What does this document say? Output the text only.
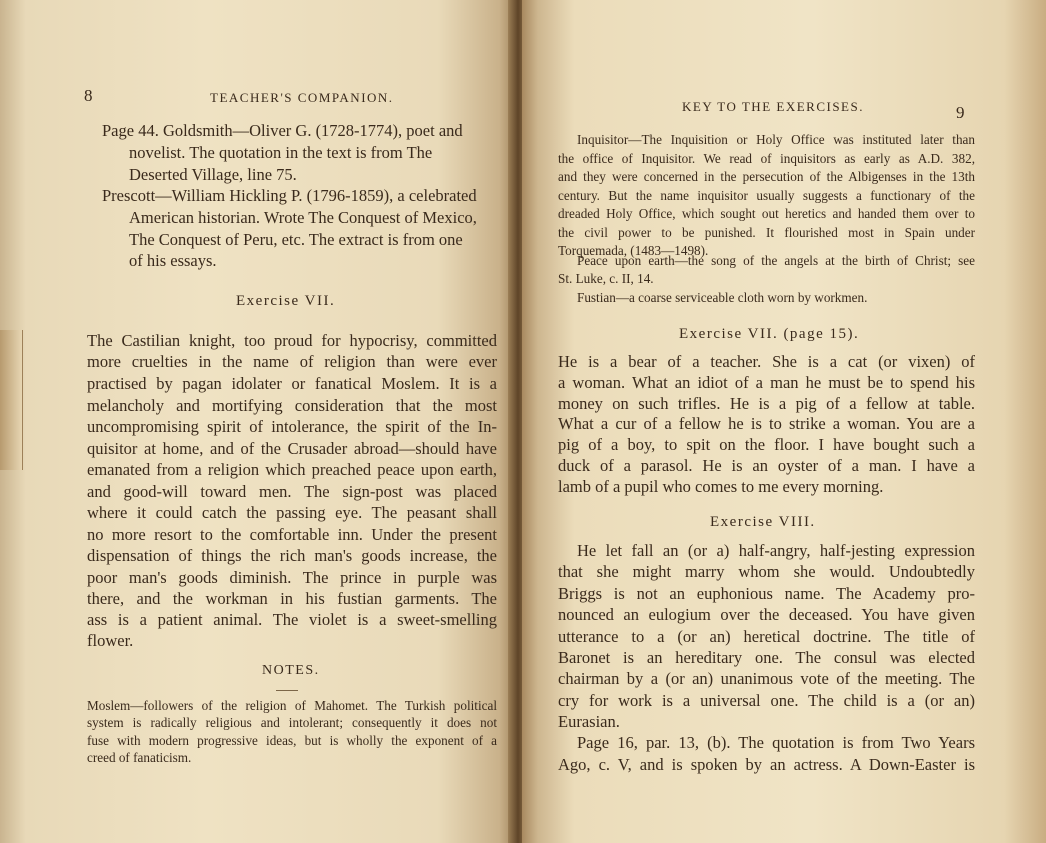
8	TEACHER'S COMPANION.

Page 44. Goldsmith—Oliver G. (1728-1774), poet and

novelist. The quotation in the text is from The

Deserted Village, line 75.

Prescott—William Hickling P. (1796-1859), a celebrated

American historian. Wrote The Conquest of Mexico,

The Conquest of Peru, etc. The extract is from one

of his essays.

Exercise VII.

The Castilian knight, too proud for hypocrisy, committed

more cruelties in the name of religion than were ever

practised by pagan idolater or fanatical Moslem. It is a

melancholy and mortifying consideration that the most

uncompromising spirit of intolerance, the spirit of the In-

quisitor at home, and of the Crusader abroad—should have

emanated from a religion which preached peace upon earth,

and good-will toward men. The sign-post was placed

where it could catch the passing eye. The peasant shall

no more resort to the comfortable inn. Under the present

dispensation of things the rich man's goods increase, the

poor man's goods diminish. The prince in purple was

there, and the workman in his fustian garments. The

ass is a patient animal. The violet is a sweet-smelling

flower.

NOTES.

Moslem—followers of the religion of Mahomet. The Turkish political

system is radically religious and intolerant; consequently it does not

fuse with modern progressive ideas, but is wholly the exponent of a

creed of fanaticism.

KEY TO THE EXERCISES.	9

Inquisitor—The Inquisition or Holy Office was instituted later than

the office of Inquisitor. We read of inquisitors as early as A.D. 382,

and they were concerned in the persecution of the Albigenses in the 13th

century. But the name inquisitor usually suggests a functionary of the

dreaded Holy Office, which sought out heretics and handed them over to

the civil power to be punished. It flourished most in Spain under

Torquemada, (1483—1498).

Peace upon earth—the song of the angels at the birth of Christ; see

St. Luke, c. II, 14.

Fustian—a coarse serviceable cloth worn by workmen.

Exercise VII. (page 15).

He is a bear of a teacher. She is a cat (or vixen) of

a woman. What an idiot of a man he must be to spend his

money on such trifles. He is a pig of a fellow at table.

What a cur of a fellow he is to strike a woman. You are a

pig of a boy, to spit on the floor. I have bought such a

duck of a parasol. He is an oyster of a man. I have a

lamb of a pupil who comes to me every morning.

Exercise VIII.

He let fall an (or a) half-angry, half-jesting expression

that she might marry whom she would. Undoubtedly

Briggs is not an euphonious name. The Academy pro-

nounced an eulogium over the deceased. You have given

utterance to a (or an) heretical doctrine. The title of

Baronet is an hereditary one. The consul was elected

chairman by a (or an) unanimous vote of the meeting. The

cry for work is a universal one. The child is a (or an)

Eurasian.

Page 16, par. 13, (b). The quotation is from Two Years

Ago, c. V, and is spoken by an actress. A Down-Easter is
